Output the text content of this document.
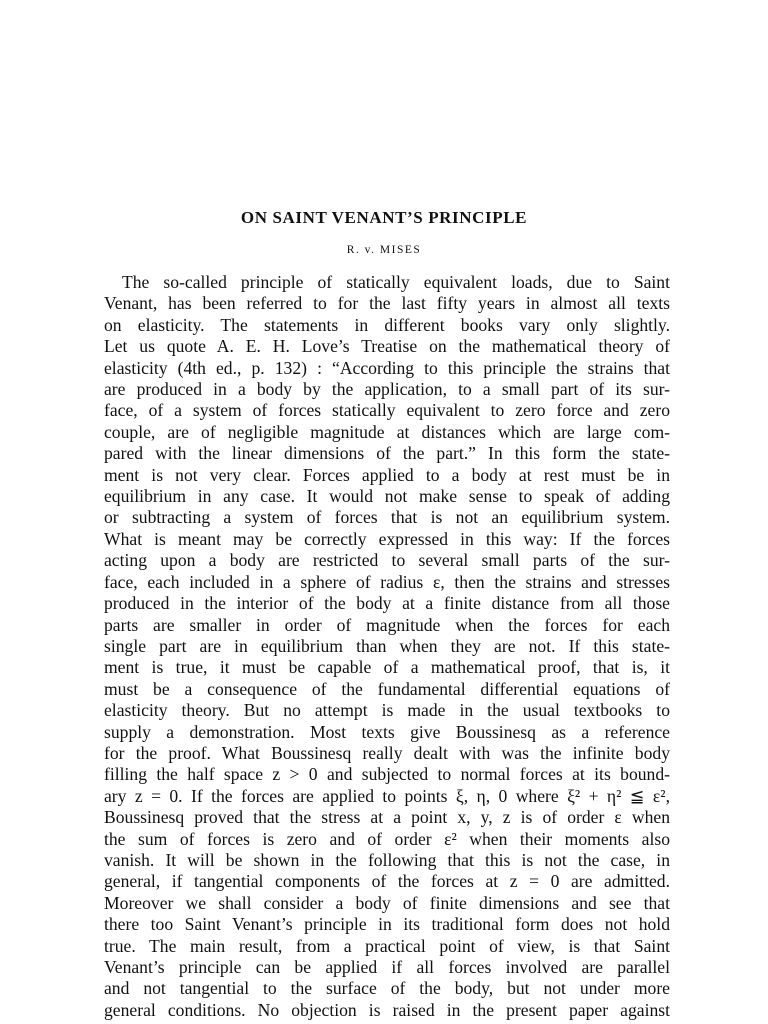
ON SAINT VENANT’S PRINCIPLE
R. v. MISES
The so-called principle of statically equivalent loads, due to Saint
Venant, has been referred to for the last fifty years in almost all texts
on elasticity. The statements in different books vary only slightly.
Let us quote A. E. H. Love’s Treatise on the mathematical theory of
elasticity (4th ed., p. 132) : “According to this principle the strains that
are produced in a body by the application, to a small part of its sur-
face, of a system of forces statically equivalent to zero force and zero
couple, are of negligible magnitude at distances which are large com-
pared with the linear dimensions of the part.” In this form the state-
ment is not very clear. Forces applied to a body at rest must be in
equilibrium in any case. It would not make sense to speak of adding
or subtracting a system of forces that is not an equilibrium system.
What is meant may be correctly expressed in this way: If the forces
acting upon a body are restricted to several small parts of the sur-
face, each included in a sphere of radius ε, then the strains and stresses
produced in the interior of the body at a finite distance from all those
parts are smaller in order of magnitude when the forces for each
single part are in equilibrium than when they are not. If this state-
ment is true, it must be capable of a mathematical proof, that is, it
must be a consequence of the fundamental differential equations of
elasticity theory. But no attempt is made in the usual textbooks to
supply a demonstration. Most texts give Boussinesq as a reference
for the proof. What Boussinesq really dealt with was the infinite body
filling the half space z > 0 and subjected to normal forces at its bound-
ary z = 0. If the forces are applied to points ξ, η, 0 where ξ² + η² ≦ ε²,
Boussinesq proved that the stress at a point x, y, z is of order ε when
the sum of forces is zero and of order ε² when their moments also
vanish. It will be shown in the following that this is not the case, in
general, if tangential components of the forces at z = 0 are admitted.
Moreover we shall consider a body of finite dimensions and see that
there too Saint Venant’s principle in its traditional form does not hold
true. The main result, from a practical point of view, is that Saint
Venant’s principle can be applied if all forces involved are parallel
and not tangential to the surface of the body, but not under more
general conditions. No objection is raised in the present paper against
